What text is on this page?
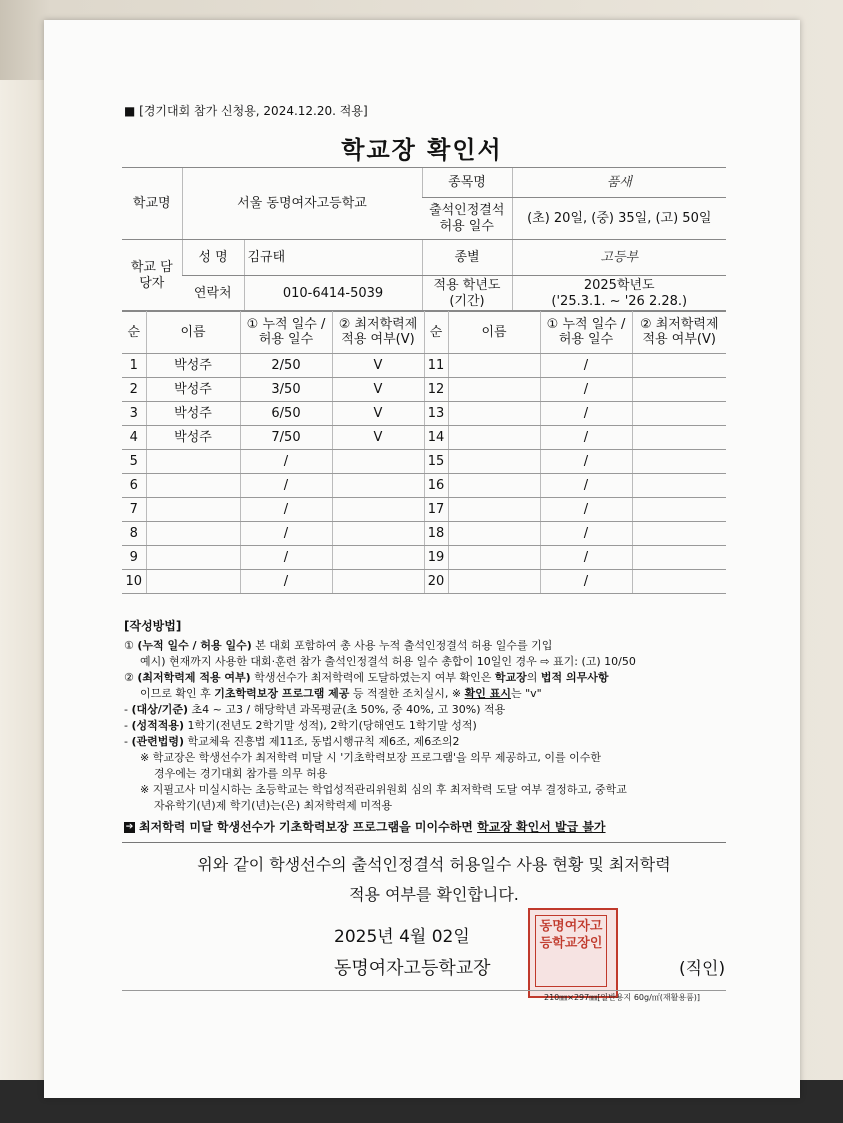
■ [경기대회 참가 신청용, 2024.12.20. 적용]
학교장 확인서
학교명	서울 동명여자고등학교		종목명	품새
			출석인정결석 허용 일수	(초) 20일, (중) 35일, (고) 50일
학교 담당자	성 명	김규태	종별	고등부
	연락처	010-6414-5039	적용 학년도 (기간)	2025학년도
('25.3.1. ~ '26 2.28.)
순	이름	① 누적 일수 / 허용 일수	② 최저학력제 적용 여부(V)	순	이름	① 누적 일수 / 허용 일수	② 최저학력제 적용 여부(V)
1	박성주	2/50	V	11		/	
2	박성주	3/50	V	12		/	
3	박성주	6/50	V	13		/	
4	박성주	7/50	V	14		/	
5		/		15		/	
6		/		16		/	
7		/		17		/	
8		/		18		/	
9		/		19		/	
10		/		20		/	
[작성방법]
① (누적 일수 / 허용 일수) 본 대회 포함하여 총 사용 누적 출석인정결석 허용 일수를 기입
예시) 현재까지 사용한 대회·훈련 참가 출석인정결석 허용 일수 총합이 10일인 경우 ⇨ 표기: (고) 10/50
② (최저학력제 적용 여부) 학생선수가 최저학력에 도달하였는지 여부 확인은 학교장의 법적 의무사항
이므로 확인 후 기초학력보장 프로그램 제공 등 적절한 조치실시, ※ 확인 표시는 "v"
- (대상/기준) 초4 ~ 고3 / 해당학년 과목평균(초 50%, 중 40%, 고 30%) 적용
- (성적적용) 1학기(전년도 2학기말 성적), 2학기(당해연도 1학기말 성적)
- (관련법령) 학교체육 진흥법 제11조, 동법시행규칙 제6조, 제6조의2
※ 학교장은 학생선수가 최저학력 미달 시 '기초학력보장 프로그램'을 의무 제공하고, 이를 이수한
경우에는 경기대회 참가를 의무 허용
※ 지필고사 미실시하는 초등학교는 학업성적관리위원회 심의 후 최저학력 도달 여부 결정하고, 중학교
자유학기(년)제 학기(년)는(은) 최저학력제 미적용
➔ 최저학력 미달 학생선수가 기초학력보장 프로그램을 미이수하면 학교장 확인서 발급 불가
위와 같이 학생선수의 출석인정결석 허용일수 사용 현황 및 최저학력
적용 여부를 확인합니다.
동명여자고등학교장인
2025년 4월 02일
동명여자고등학교장	(직인)
210㎜×297㎜[일반용지 60g/㎡(재활용품)]
